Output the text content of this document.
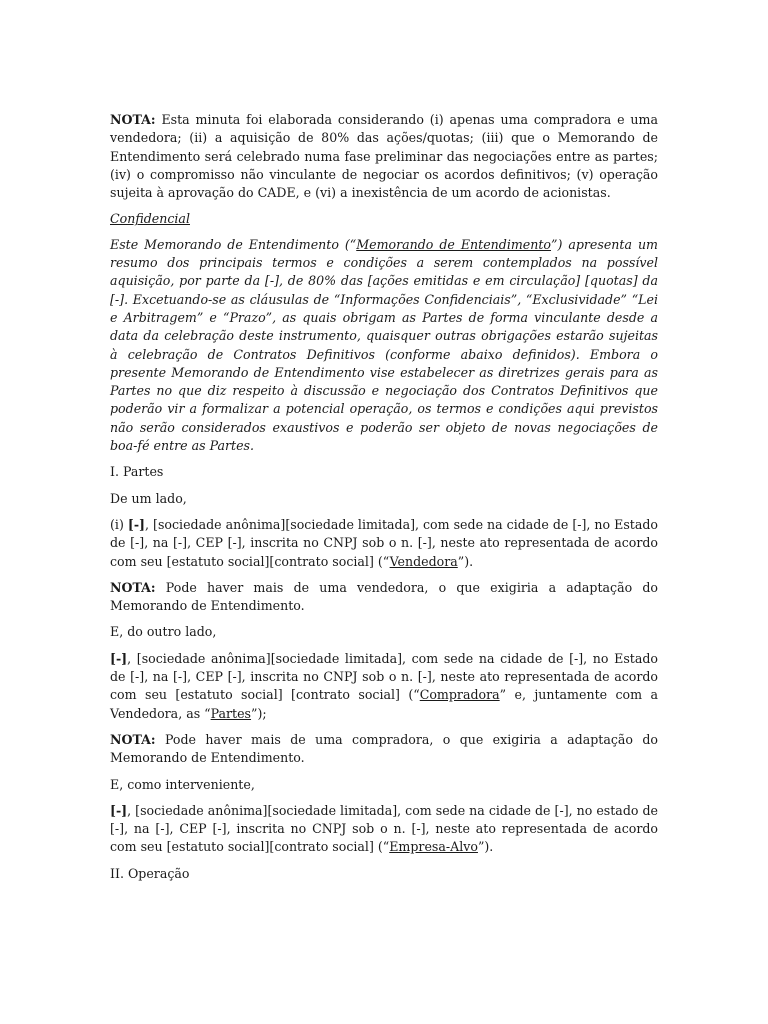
NOTA: Esta minuta foi elaborada considerando (i) apenas uma compradora e uma vendedora; (ii) a aquisição de 80% das ações/quotas; (iii) que o Memorando de Entendimento será celebrado numa fase preliminar das negociações entre as partes; (iv) o compromisso não vinculante de negociar os acordos definitivos; (v) operação sujeita à aprovação do CADE, e (vi) a inexistência de um acordo de acionistas.

Confidencial

Este Memorando de Entendimento (“Memorando de Entendimento”) apresenta um resumo dos principais termos e condições a serem contemplados na possível aquisição, por parte da [-], de 80% das [ações emitidas e em circulação] [quotas] da [-]. Excetuando-se as cláusulas de “Informações Confidenciais”, “Exclusividade” “Lei e Arbitragem” e “Prazo”, as quais obrigam as Partes de forma vinculante desde a data da celebração deste instrumento, quaisquer outras obrigações estarão sujeitas à celebração de Contratos Definitivos (conforme abaixo definidos). Embora o presente Memorando de Entendimento vise estabelecer as diretrizes gerais para as Partes no que diz respeito à discussão e negociação dos Contratos Definitivos que poderão vir a formalizar a potencial operação, os termos e condições aqui previstos não serão considerados exaustivos e poderão ser objeto de novas negociações de boa-fé entre as Partes.

I. Partes

De um lado,

(i) [-], [sociedade anônima][sociedade limitada], com sede na cidade de [-], no Estado de [-], na [-], CEP [-], inscrita no CNPJ sob o n. [-], neste ato representada de acordo com seu [estatuto social][contrato social] (“Vendedora”).

NOTA: Pode haver mais de uma vendedora, o que exigiria a adaptação do Memorando de Entendimento.

E, do outro lado,

[-], [sociedade anônima][sociedade limitada], com sede na cidade de [-], no Estado de [-], na [-], CEP [-], inscrita no CNPJ sob o n. [-], neste ato representada de acordo com seu [estatuto social] [contrato social] (“Compradora” e, juntamente com a Vendedora, as “Partes”);

NOTA: Pode haver mais de uma compradora, o que exigiria a adaptação do Memorando de Entendimento.

E, como interveniente,

[-], [sociedade anônima][sociedade limitada], com sede na cidade de [-], no estado de [-], na [-], CEP [-], inscrita no CNPJ sob o n. [-], neste ato representada de acordo com seu [estatuto social][contrato social] (“Empresa-Alvo”).

II. Operação
